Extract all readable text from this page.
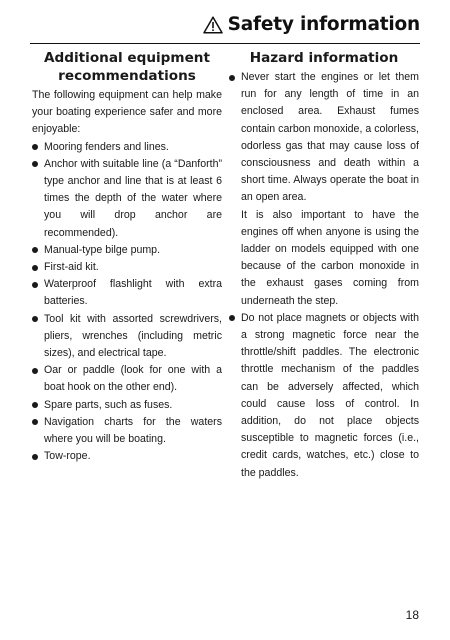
Safety information
Additional equipment recommendations

The following equipment can help make your boating experience safer and more enjoyable:

Mooring fenders and lines.
Anchor with suitable line (a “Danforth” type anchor and line that is at least 6 times the depth of the water where you will drop anchor are recommended).
Manual-type bilge pump.
First-aid kit.
Waterproof flashlight with extra batteries.
Tool kit with assorted screwdrivers, pliers, wrenches (including metric sizes), and electrical tape.
Oar or paddle (look for one with a boat hook on the other end).
Spare parts, such as fuses.
Navigation charts for the waters where you will be boating.
Tow-rope.
Hazard information
Never start the engines or let them run for any length of time in an enclosed area. Exhaust fumes contain carbon monoxide, a colorless, odorless gas that may cause loss of consciousness and death within a short time. Always operate the boat in an open area.

It is also important to have the engines off when anyone is using the ladder on models equipped with one because of the carbon monoxide in the exhaust gases coming from underneath the step.

Do not place magnets or objects with a strong magnetic force near the throttle/shift paddles. The electronic throttle mechanism of the paddles can be adversely affected, which could cause loss of control. In addition, do not place objects susceptible to magnetic forces (i.e., credit cards, watches, etc.) close to the paddles.
18
